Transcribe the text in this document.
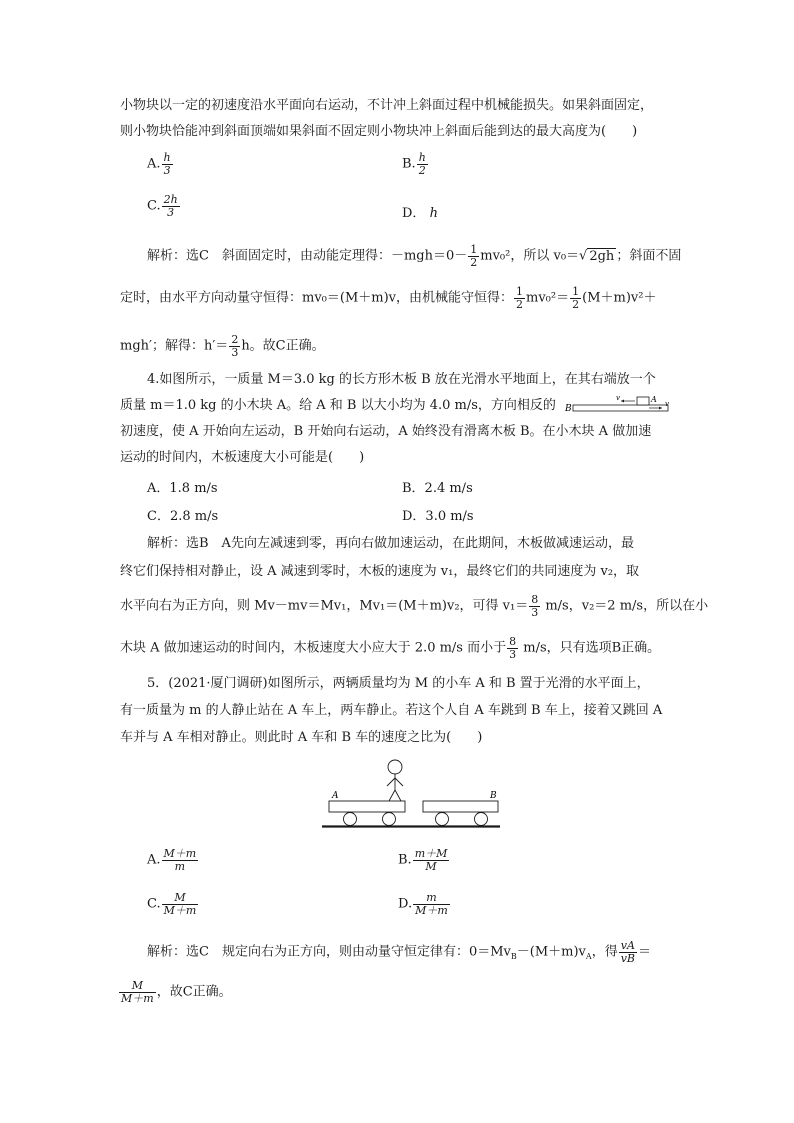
小物块以一定的初速度沿水平面向右运动，不计冲上斜面过程中机械能损失。如果斜面固定，
则小物块恰能冲到斜面顶端如果斜面不固定则小物块冲上斜面后能到达的最大高度为(　　)
A. $\frac{h}{3}$	B. $\frac{h}{2}$
C. $\frac{2h}{3}$	D． h
解析：选C　斜面固定时，由动能定理得：$-mgh=0- \frac{1}{2} mv_0^2$，所以 v₀＝√ 2gh ；斜面不固
定时，由水平方向动量守恒得：mv₀＝(M＋m)v，由机械能守恒得： $\frac{1}{2} mv_0^2= \frac{1}{2} (M+m)v^2+$
mgh′；解得：$h'= \frac{2}{3}$ h。故C正确。
4.如图所示，一质量 M＝3.0 kg 的长方形木板 B 放在光滑水平地面上，在其右端放一个
质量 m＝1.0 kg 的小木块 A。给 A 和 B 以大小均为 4.0 m/s，方向相反的
初速度，使 A 开始向左运动，B 开始向右运动，A 始终没有滑离木板 B。在小木块 A 做加速
运动的时间内，木板速度大小可能是(　　)
B
A
v
v
A．1.8 m/s	B．2.4 m/s
C．2.8 m/s	D．3.0 m/s
解析：选B　A先向左减速到零，再向右做加速运动，在此期间，木板做减速运动，最
终它们保持相对静止，设 A 减速到零时，木板的速度为 v₁，最终它们的共同速度为 v₂，取
水平向右为正方向，则 Mv－mv＝Mv₁，Mv₁＝(M＋m)v₂，可得 $v_1= \frac{8}{3} m/s$，v₂＝2 m/s，所以在小
木块 A 做加速运动的时间内，木板速度大小应大于 2.0 m/s 而小于 $\frac{8}{3} m/s$，只有选项B正确。
5．(2021·厦门调研)如图所示，两辆质量均为 M 的小车 A 和 B 置于光滑的水平面上，
有一质量为 m 的人静止站在 A 车上，两车静止。若这个人自 A 车跳到 B 车上，接着又跳回 A
车并与 A 车相对静止。则此时 A 车和 B 车的速度之比为(　　)
A	B
A. $\frac{M+m}{m}$	B. $\frac{m+M}{M}$
C. $\frac{M}{M+m}$	D. $\frac{m}{M+m}$
解析：选C　规定向右为正方向，则由动量守恒定律有：$0=Mv_B-(M+m)v_A$，得 $\frac{vA}{vB}$ ＝
$\frac{M}{M+m}$ ，故C正确。
